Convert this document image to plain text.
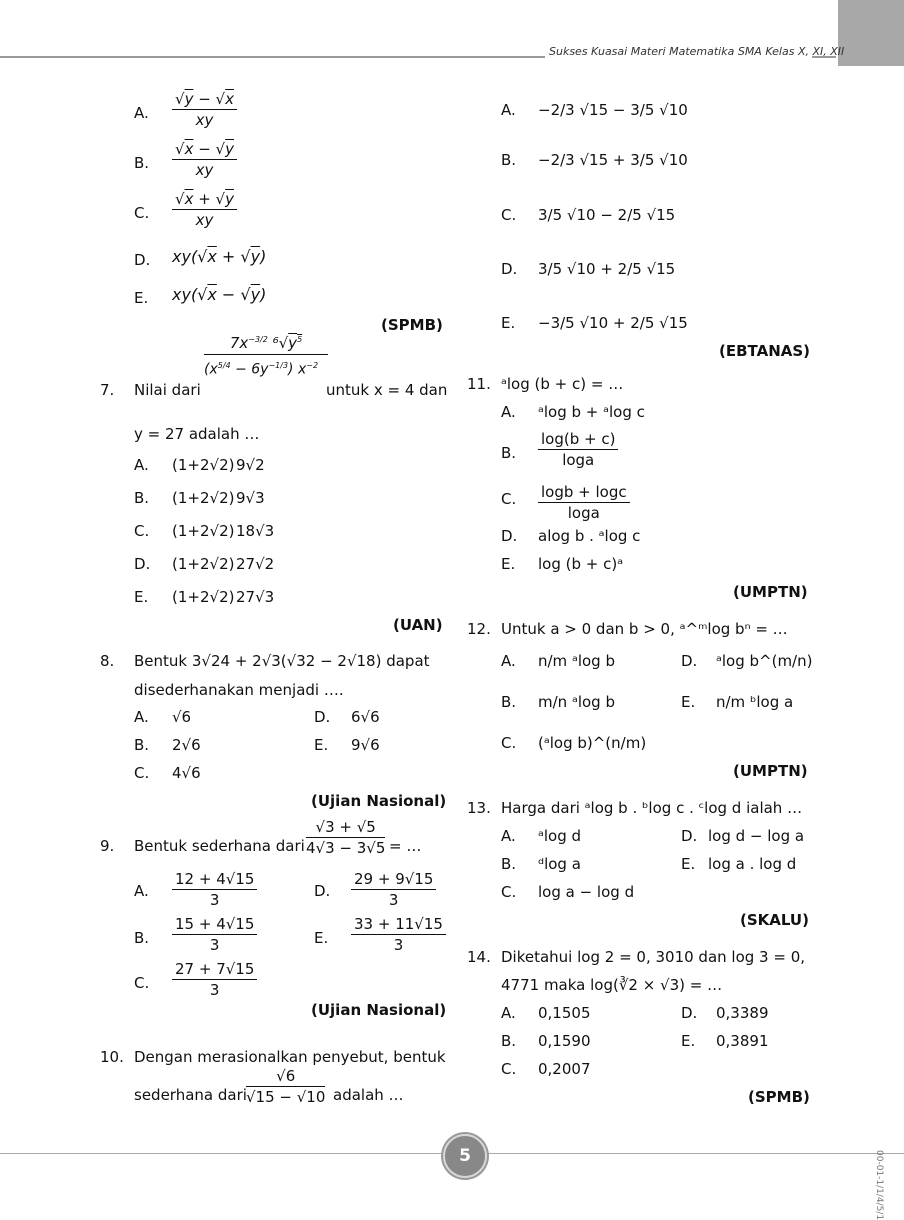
Sukses Kuasai Materi Matematika SMA Kelas X, XI, XII
A. $\frac{√y - √x}{xy}$
B. $\frac{√x - √y}{xy}$
C. $\frac{√x + √y}{xy}$
D. xy(√x + √y)
E. xy(√x − √y)
(SPMB)
7. Nilai dari
$7x^{-3/2}$ $^6√y^5$
$(x^{5/4} - 6y^{-1/3})$ $x^{-2}$
untuk x = 4 dan
y = 27 adalah …
A. (1+2√2) 9√2
B. (1+2√2) 9√3
C. (1+2√2) 18√3
D. (1+2√2) 27√2
E. (1+2√2) 27√3
(UAN)
8. Bentuk 3√24 + 2√3(√32 − 2√18) dapat
disederhanakan menjadi ….
A. √6	D. 6√6
B. 2√6	E. 9√6
C. 4√6
(Ujian Nasional)
9. Bentuk sederhana dari $\frac{√3 + √5}{4√3 - 3√5}$ = …
A. $\frac{12 + 4√15}{3}$	D. $\frac{29 + 9√15}{3}$
B. $\frac{15 + 4√15}{3}$	E. $\frac{33 + 11√15}{3}$
C. $\frac{27 + 7√15}{3}$
(Ujian Nasional)
10. Dengan merasionalkan penyebut, bentuk
sederhana dari $\frac{√6}{√15 - √10}$ adalah …
A. −2/3 √15 − 3/5 √10
B. −2/3 √15 + 3/5 √10
C. 3/5 √10 − 2/5 √15
D. 3/5 √10 + 2/5 √15
E. −3/5 √10 + 2/5 √15
(EBTANAS)
11. ᵃlog (b + c) = …
A. ᵃlog b + ᵃlog c
B. $\frac{\log(b + c)}{\log a}$
C. $\frac{\log b + \log c}{\log a}$
D. alog b . ᵃlog c
E. log (b + c)ᵃ
(UMPTN)
12. Untuk a > 0 dan b > 0, ᵃ^ᵐlog bⁿ = …
A. n/m ᵃlog b	D. ᵃlog b^(m/n)
B. m/n ᵃlog b	E. n/m ᵇlog a
C. (ᵃlog b)^(n/m)
(UMPTN)
13. Harga dari ᵃlog b . ᵇlog c . ᶜlog d ialah …
A. ᵃlog d	D. log d − log a
B. ᵈlog a	E. log a . log d
C. log a − log d
(SKALU)
14. Diketahui log 2 = 0, 3010 dan log 3 = 0,
4771 maka log(∛2 × √3) = …
A. 0,1505	D. 0,3389
B. 0,1590	E. 0,3891
C. 0,2007
(SPMB)
5	00-01-1/1/4/5/1
